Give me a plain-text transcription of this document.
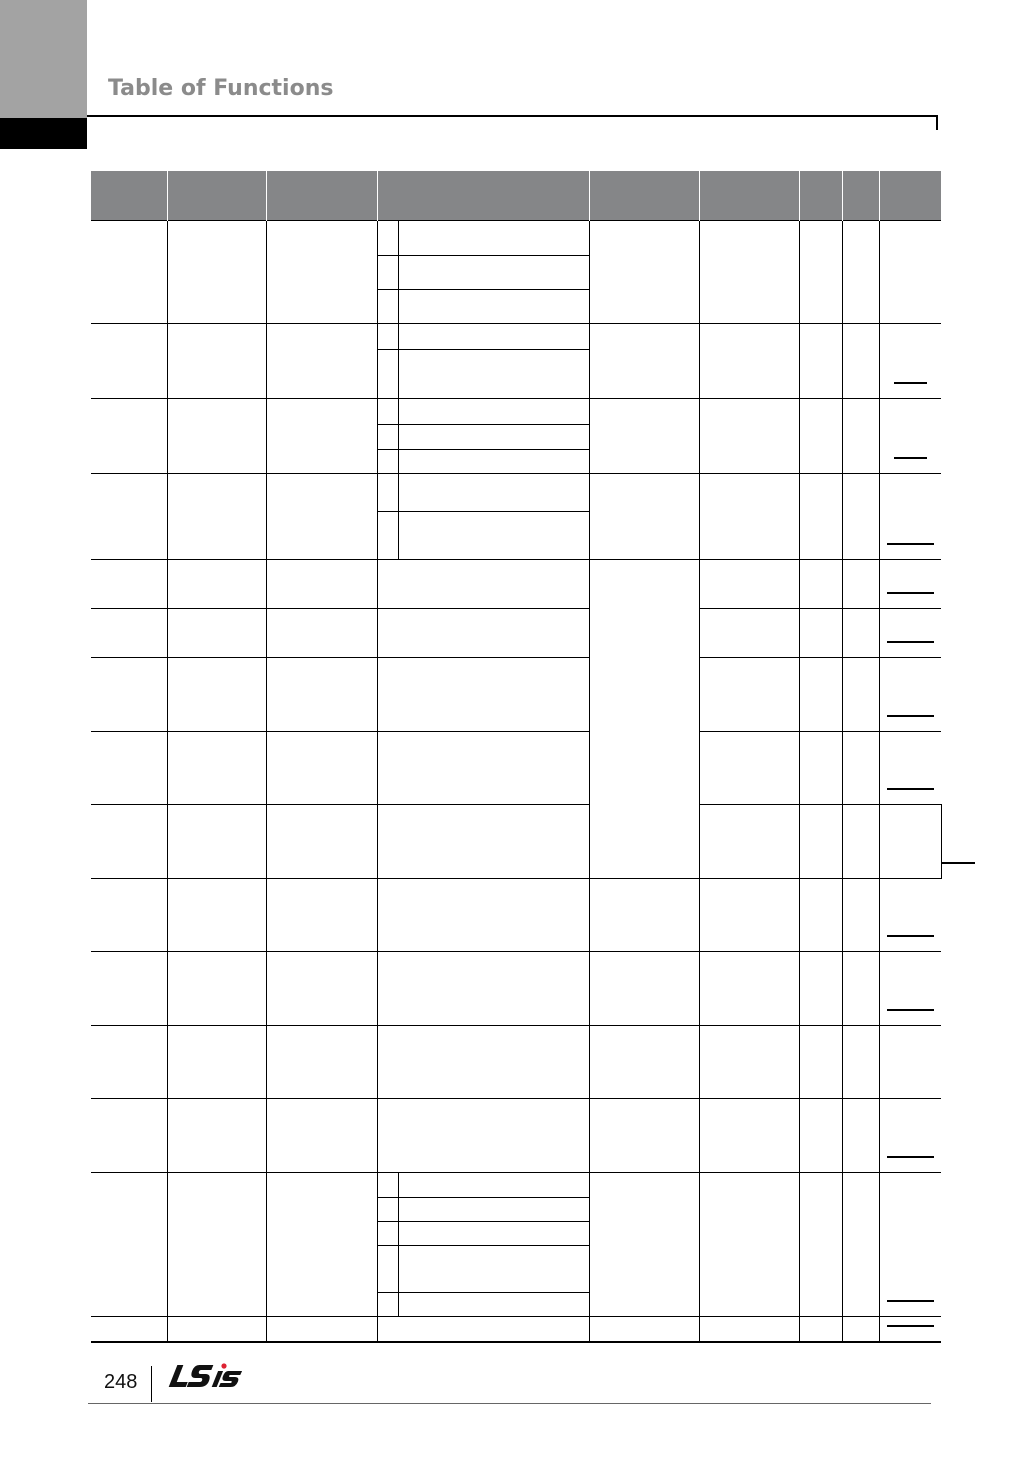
Table of Functions

248
